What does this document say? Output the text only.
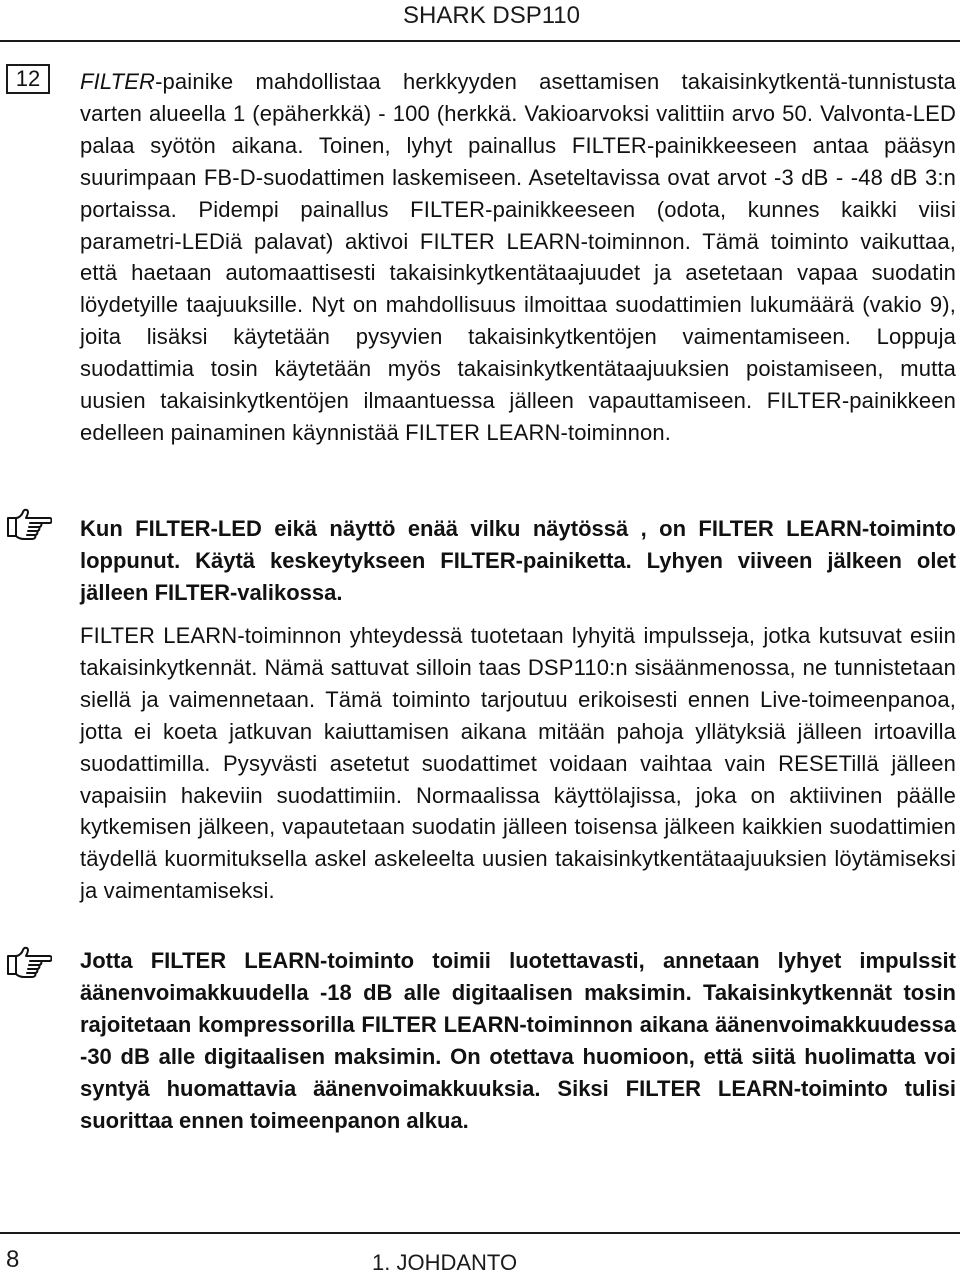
SHARK DSP110
12	FILTER-painike mahdollistaa herkkyyden asettamisen takaisinkytkentä-tunnistusta varten alueella 1 (epäherkkä) - 100 (herkkä. Vakioarvoksi valittiin arvo 50. Valvonta-LED palaa syötön aikana. Toinen, lyhyt painallus FILTER-painikkeeseen antaa pääsyn suurimpaan FB-D-suodattimen laskemiseen. Aseteltavissa ovat arvot -3 dB - -48 dB 3:n portaissa. Pidempi painallus FILTER-painikkeeseen (odota, kunnes kaikki viisi parametri-LEDiä palavat) aktivoi FILTER LEARN-toiminnon. Tämä toiminto vaikuttaa, että haetaan automaattisesti takaisinkytkentätaajuudet ja asetetaan vapaa suodatin löydetyille taajuuksille. Nyt on mahdollisuus ilmoittaa suodattimien lukumäärä (vakio 9), joita lisäksi käytetään pysyvien takaisinkytkentöjen vaimentamiseen. Loppuja suodattimia tosin käytetään myös takaisinkytkentätaajuuksien poistamiseen, mutta uusien takaisinkytkentöjen ilmaantuessa jälleen vapauttamiseen. FILTER-painikkeen edelleen painaminen käynnistää FILTER LEARN-toiminnon.

Kun FILTER-LED eikä näyttö enää vilku näytössä , on FILTER LEARN-toiminto loppunut. Käytä keskeytykseen FILTER-painiketta. Lyhyen viiveen jälkeen olet jälleen FILTER-valikossa.

FILTER LEARN-toiminnon yhteydessä tuotetaan lyhyitä impulsseja, jotka kutsuvat esiin takaisinkytkennät. Nämä sattuvat silloin taas DSP110:n sisäänmenossa, ne tunnistetaan siellä ja vaimennetaan. Tämä toiminto tarjoutuu erikoisesti ennen Live-toimeenpanoa, jotta ei koeta jatkuvan kaiuttamisen aikana mitään pahoja yllätyksiä jälleen irtoavilla suodattimilla. Pysyvästi asetetut suodattimet voidaan vaihtaa vain RESETillä jälleen vapaisiin hakeviin suodattimiin. Normaalissa käyttölajissa, joka on aktiivinen päälle kytkemisen jälkeen, vapautetaan suodatin jälleen toisensa jälkeen kaikkien suodattimien täydellä kuormituksella askel askeleelta uusien takaisinkytkentätaajuuksien löytämiseksi ja vaimentamiseksi.

Jotta FILTER LEARN-toiminto toimii luotettavasti, annetaan lyhyet impulssit äänenvoimakkuudella -18 dB alle digitaalisen maksimin. Takaisinkytkennät tosin rajoitetaan kompressorilla FILTER LEARN-toiminnon aikana äänenvoimakkuudessa -30 dB alle digitaalisen maksimin. On otettava huomioon, että siitä huolimatta voi syntyä huomattavia äänenvoimakkuuksia. Siksi FILTER LEARN-toiminto tulisi suorittaa ennen toimeenpanon alkua.

8	1. JOHDANTO
